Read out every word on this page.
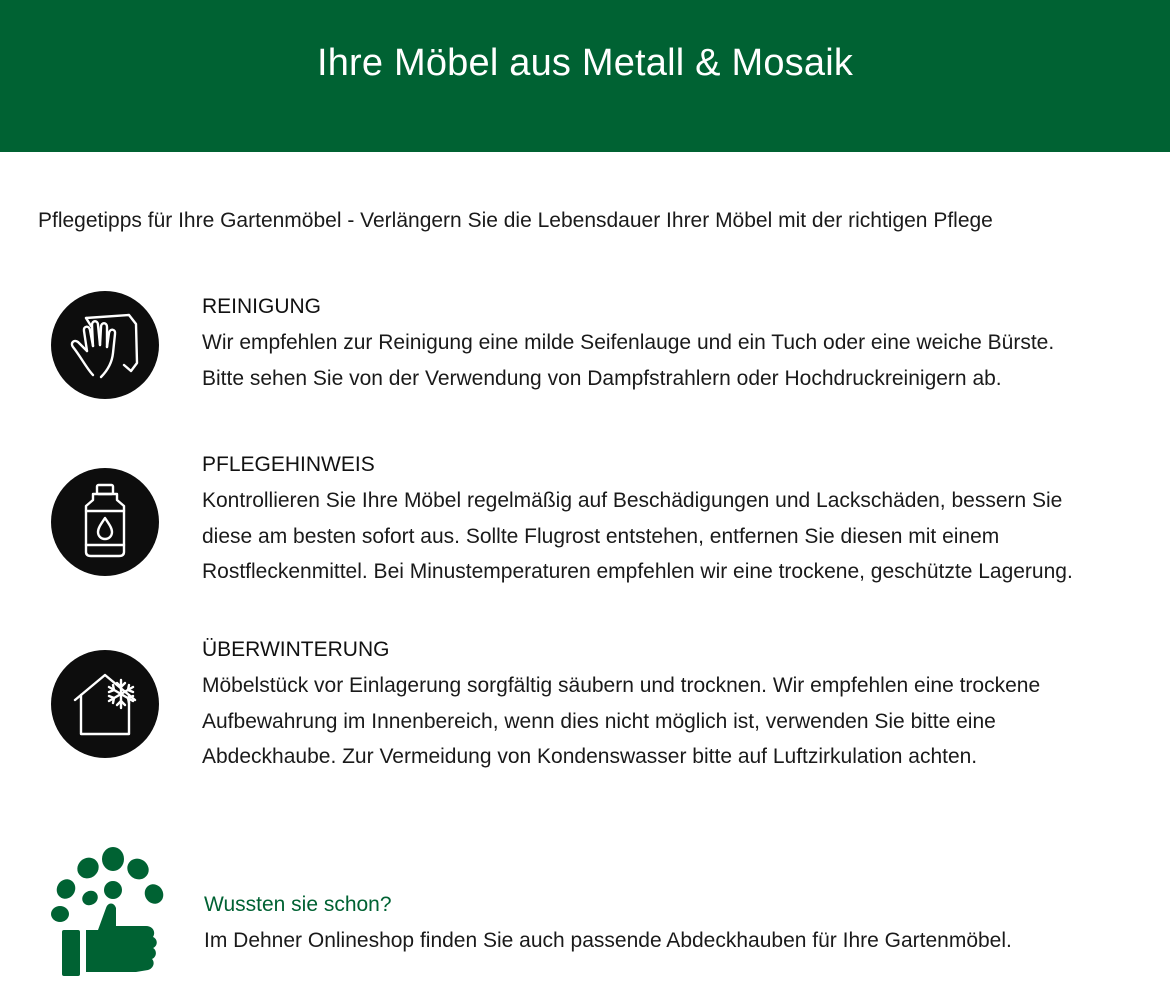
Ihre Möbel aus Metall & Mosaik
Pflegetipps für Ihre Gartenmöbel - Verlängern Sie die Lebensdauer Ihrer Möbel mit der richtigen Pflege
REINIGUNG
Wir empfehlen zur Reinigung eine milde Seifenlauge und ein Tuch oder eine weiche Bürste.
Bitte sehen Sie von der Verwendung von Dampfstrahlern oder Hochdruckreinigern ab.
PFLEGEHINWEIS
Kontrollieren Sie Ihre Möbel regelmäßig auf Beschädigungen und Lackschäden, bessern Sie
diese am besten sofort aus. Sollte Flugrost entstehen, entfernen Sie diesen mit einem
Rostfleckenmittel. Bei Minustemperaturen empfehlen wir eine trockene, geschützte Lagerung.
ÜBERWINTERUNG
Möbelstück vor Einlagerung sorgfältig säubern und trocknen. Wir empfehlen eine trockene
Aufbewahrung im Innenbereich, wenn dies nicht möglich ist, verwenden Sie bitte eine
Abdeckhaube. Zur Vermeidung von Kondenswasser bitte auf Luftzirkulation achten.
Wussten sie schon?
Im Dehner Onlineshop finden Sie auch passende Abdeckhauben für Ihre Gartenmöbel.
